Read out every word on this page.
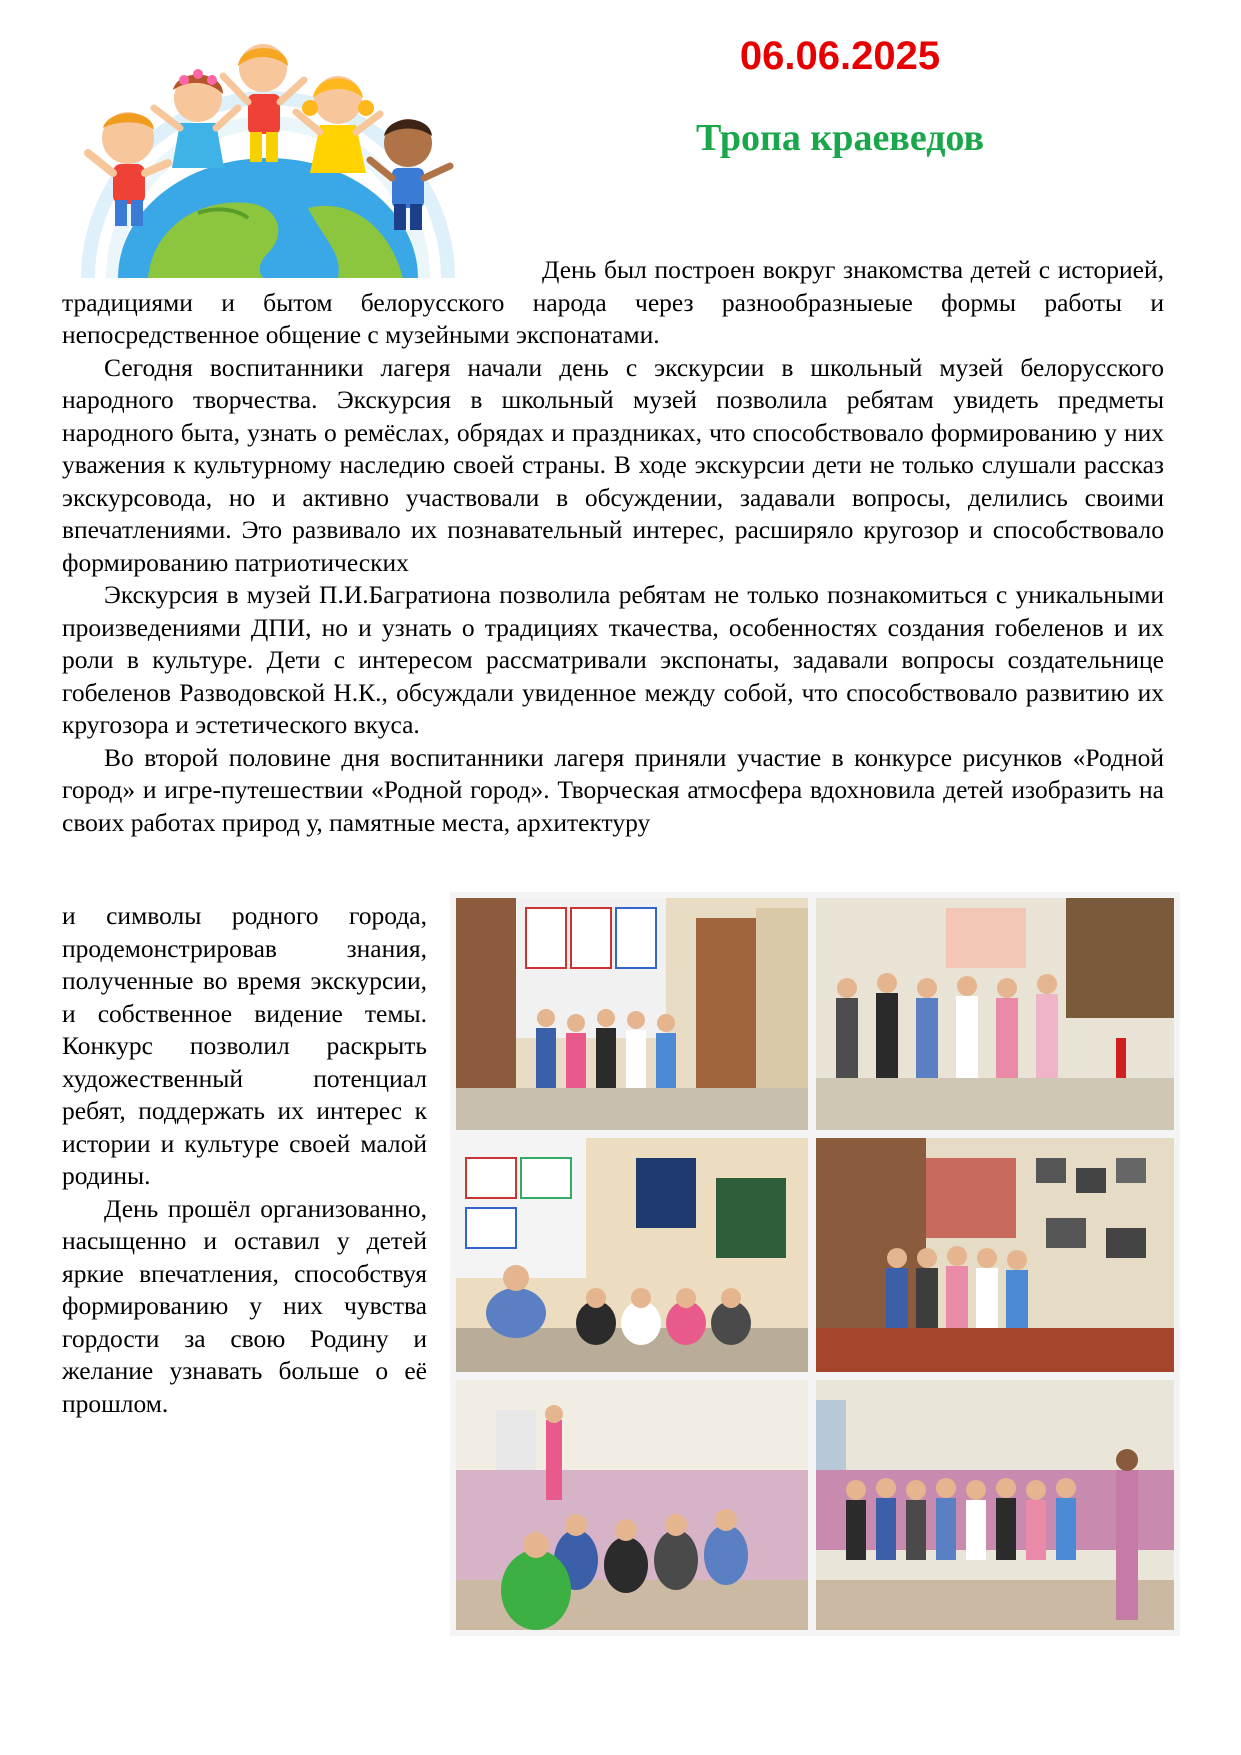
06.06.2025
Тропа краеведов

День был построен вокруг знакомства детей с историей, традициями и бытом белорусского народа через разнообразныеые формы работы и непосредственное общение с музейными экспонатами.

Сегодня воспитанники лагеря начали день с экскурсии в школьный музей белорусского народного творчества. Экскурсия в школьный музей позволила ребятам увидеть предметы народного быта, узнать о ремёслах, обрядах и праздниках, что способствовало формированию у них уважения к культурному наследию своей страны. В ходе экскурсии дети не только слушали рассказ экскурсовода, но и активно участвовали в обсуждении, задавали вопросы, делились своими впечатлениями. Это развивало их познавательный интерес, расширяло кругозор и способствовало формированию патриотических

Экскурсия в музей П.И.Багратиона позволила ребятам не только познакомиться с уникальными произведениями ДПИ, но и узнать о традициях ткачества, особенностях создания гобеленов и их роли в культуре. Дети с интересом рассматривали экспонаты, задавали вопросы создательнице гобеленов Разводовской Н.К., обсуждали увиденное между собой, что способствовало развитию их кругозора и эстетического вкуса.

Во второй половине дня воспитанники лагеря приняли участие в конкурсе рисунков «Родной город» и игре-путешествии «Родной город». Творческая атмосфера вдохновила детей изобразить на своих работах природ у, памятные места, архитектуру

и символы родного города, продемонстрировав знания, полученные во время экскурсии, и собственное видение темы. Конкурс позволил раскрыть художественный потенциал ребят, поддержать их интерес к истории и культуре своей малой родины.

День прошёл организованно, насыщенно и оставил у детей яркие впечатления, способствуя формированию у них чувства гордости за свою Родину и желание узнавать больше о её прошлом.
